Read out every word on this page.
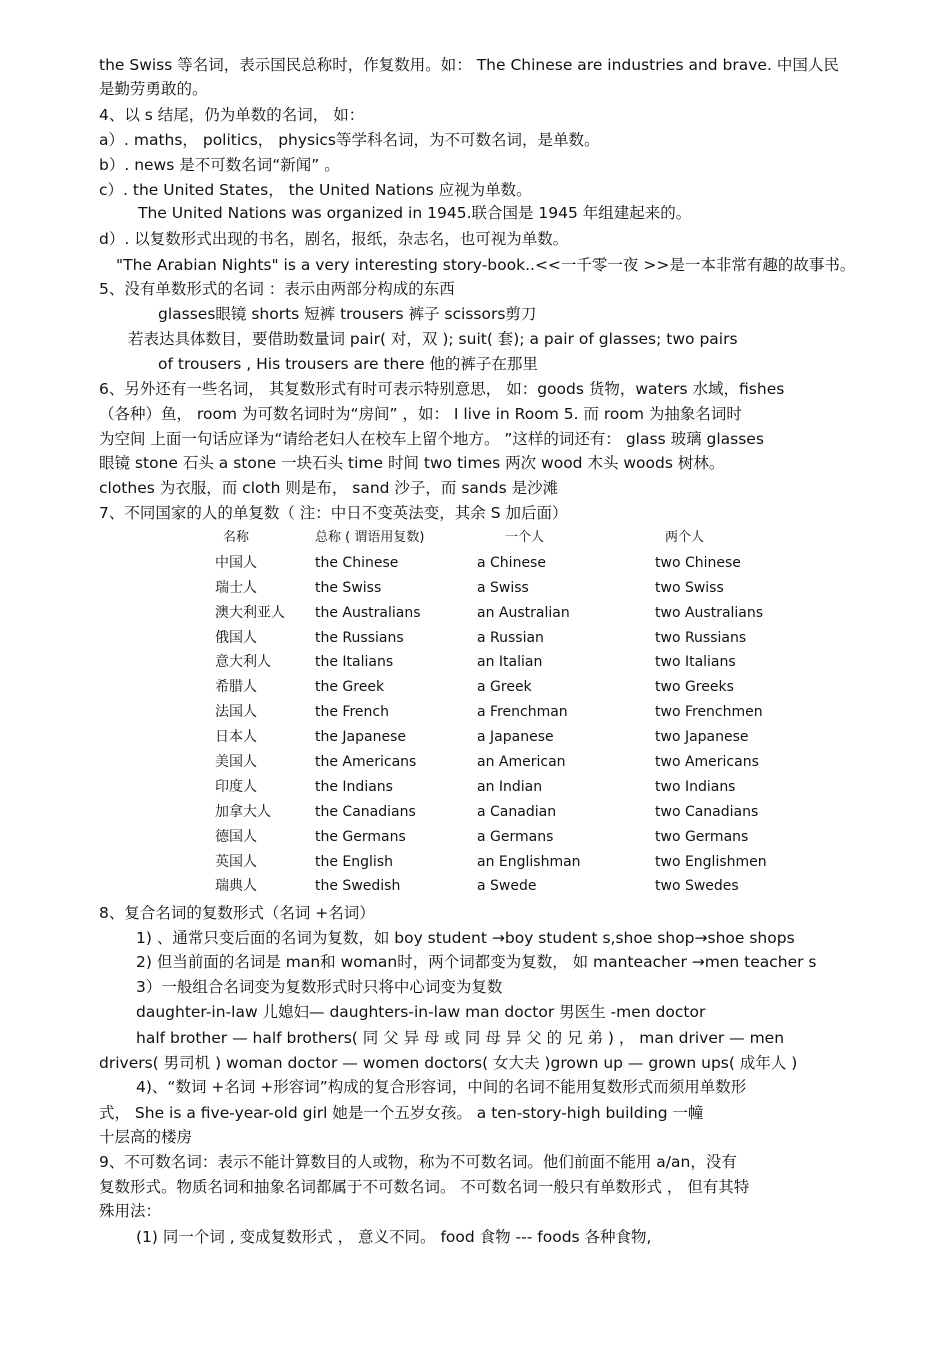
the Swiss 等名词，表示国民总称时，作复数用。如： The Chinese are industries and brave. 中国人民
是勤劳勇敢的。
4、以 s 结尾，仍为单数的名词， 如：
a）. maths， politics， physics等学科名词，为不可数名词，是单数。
b）. news 是不可数名词“新闻” 。
c）. the United States， the United Nations 应视为单数。
The United Nations was organized in 1945.联合国是 1945 年组建起来的。
d）. 以复数形式出现的书名，剧名，报纸，杂志名，也可视为单数。
"The Arabian Nights" is a very interesting story-book..<<一千零一夜 >>是一本非常有趣的故事书。
5、没有单数形式的名词 ：表示由两部分构成的东西
glasses眼镜 shorts 短裤 trousers 裤子 scissors剪刀
若表达具体数目，要借助数量词 pair( 对，双 ); suit( 套); a pair of glasses; two pairs
of trousers , His trousers are there 他的裤子在那里
6、另外还有一些名词， 其复数形式有时可表示特别意思， 如：goods 货物，waters 水域，fishes
（各种）鱼， room 为可数名词时为“房间” ，如： I live in Room 5. 而 room 为抽象名词时
为空间 上面一句话应译为“请给老妇人在校车上留个地方。 ”这样的词还有： glass 玻璃 glasses
眼镜 stone 石头 a stone 一块石头 time 时间 two times 两次 wood 木头 woods 树林。
clothes 为衣服，而 cloth 则是布， sand 沙子，而 sands 是沙滩
7、不同国家的人的单复数（ 注：中日不变英法变，其余 S 加后面）
名称	总称 ( 谓语用复数)	一个人	两个人
中国人	the Chinese	a Chinese	two Chinese
瑞士人	the Swiss	a Swiss	two Swiss
澳大利亚人 the Australians	an Australian	two Australians
俄国人	the Russians	a Russian	two Russians
意大利人	the Italians	an Italian	two Italians
希腊人	the Greek	a Greek	two Greeks
法国人	the French	a Frenchman	two Frenchmen
日本人	the Japanese	a Japanese	two Japanese
美国人	the Americans	an American	two Americans
印度人	the Indians	an Indian	two Indians
加拿大人	the Canadians	a Canadian	two Canadians
德国人	the Germans	a Germans	two Germans
英国人	the English	an Englishman	two Englishmen
瑞典人	the Swedish	a Swede	two Swedes
8、复合名词的复数形式（名词 +名词）
1) 、通常只变后面的名词为复数，如 boy student →boy student s,shoe shop→shoe shops
2) 但当前面的名词是 man和 woman时，两个词都变为复数， 如 manteacher →men teacher s
3）一般组合名词变为复数形式时只将中心词变为复数
daughter-in-law 儿媳妇— daughters-in-law man doctor 男医生 -men doctor
half brother — half brothers( 同 父 异 母 或 同 母 异 父 的 兄 弟 ) ， man driver — men
drivers( 男司机 ) woman doctor — women doctors( 女大夫 )grown up — grown ups( 成年人 )
4)、“数词 +名词 +形容词”构成的复合形容词，中间的名词不能用复数形式而须用单数形
式， She is a five-year-old girl 她是一个五岁女孩。 a ten-story-high building 一幢
十层高的楼房
9、不可数名词：表示不能计算数目的人或物，称为不可数名词。他们前面不能用 a/an，没有
复数形式。物质名词和抽象名词都属于不可数名词。 不可数名词一般只有单数形式 ， 但有其特
殊用法：
(1) 同一个词 , 变成复数形式 ， 意义不同。 food 食物 --- foods 各种食物,
